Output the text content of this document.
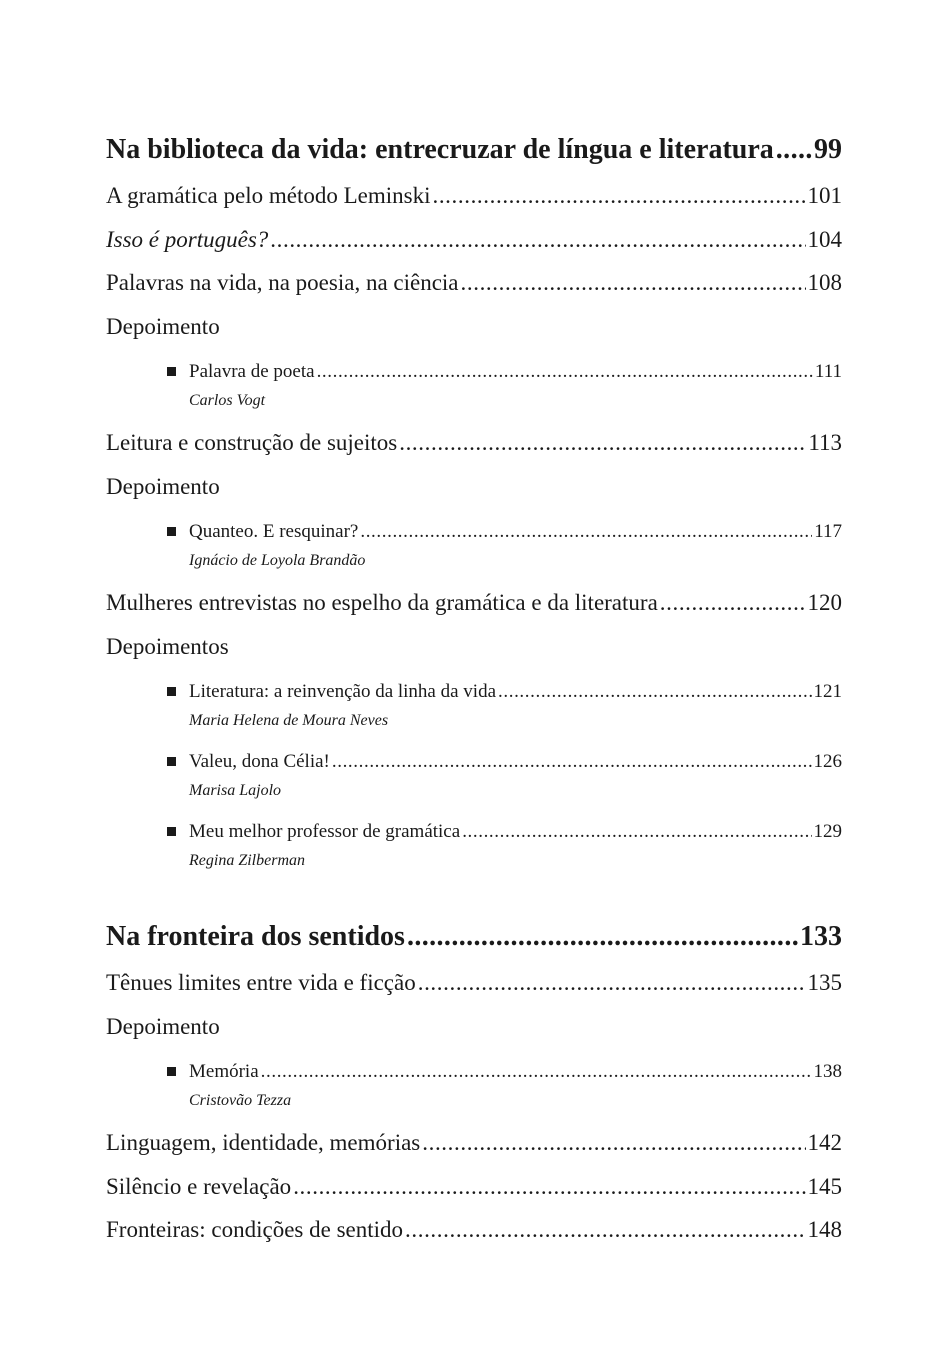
Na biblioteca da vida: entrecruzar de língua e literatura ..... 99
A gramática pelo método Leminski .....	101
Isso é português? .....	104
Palavras na vida, na poesia, na ciência .....	108
Depoimento
Palavra de poeta .....	111
Carlos Vogt
Leitura e construção de sujeitos .....	113
Depoimento
Quanteo. E resquinar? .....	117
Ignácio de Loyola Brandão
Mulheres entrevistas no espelho da gramática e da literatura .....	120
Depoimentos
Literatura: a reinvenção da linha da vida .....	121
Maria Helena de Moura Neves
Valeu, dona Célia! .....	126
Marisa Lajolo
Meu melhor professor de gramática .....	129
Regina Zilberman
Na fronteira dos sentidos .....	133
Tênues limites entre vida e ficção .....	135
Depoimento
Memória .....	138
Cristovão Tezza
Linguagem, identidade, memórias .....	142
Silêncio e revelação .....	145
Fronteiras: condições de sentido .....	148
